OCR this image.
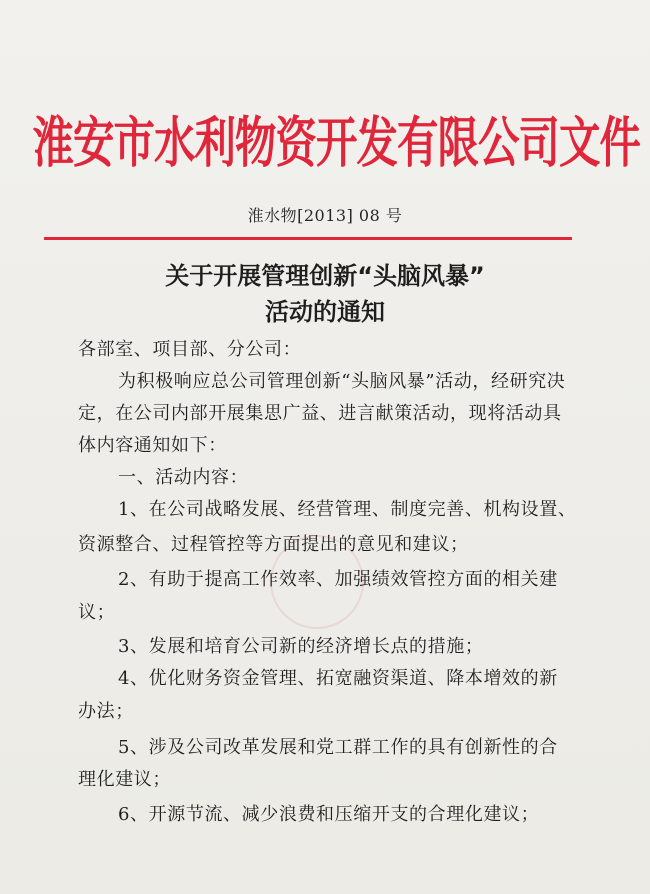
淮安市水利物资开发有限公司文件
淮水物[2013] 08 号
关于开展管理创新“头脑风暴”
活动的通知
各部室、项目部、分公司：
为积极响应总公司管理创新“头脑风暴”活动，经研究决
定，在公司内部开展集思广益、进言献策活动，现将活动具
体内容通知如下：
一、活动内容：
1、在公司战略发展、经营管理、制度完善、机构设置、
资源整合、过程管控等方面提出的意见和建议；
2、有助于提高工作效率、加强绩效管控方面的相关建
议；
3、发展和培育公司新的经济增长点的措施；
4、优化财务资金管理、拓宽融资渠道、降本增效的新
办法；
5、涉及公司改革发展和党工群工作的具有创新性的合
理化建议；
6、开源节流、减少浪费和压缩开支的合理化建议；
